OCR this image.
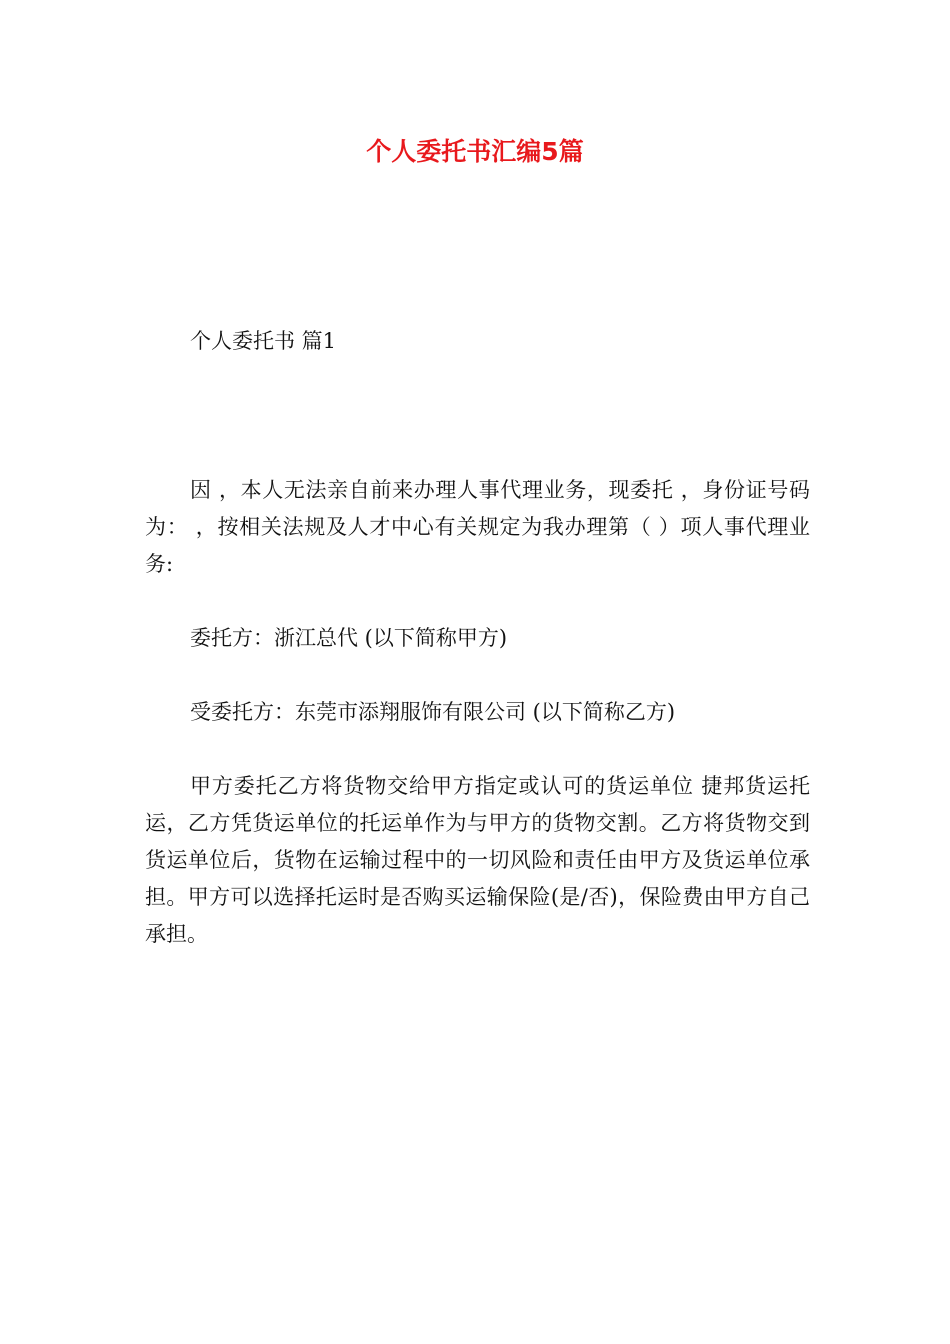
个人委托书汇编5篇
个人委托书 篇1

因 ，本人无法亲自前来办理人事代理业务，现委托 ，身份证号码为： ，按相关法规及人才中心有关规定为我办理第（ ）项人事代理业务:

委托方：浙江总代 (以下简称甲方)

受委托方：东莞市添翔服饰有限公司 (以下简称乙方)

甲方委托乙方将货物交给甲方指定或认可的货运单位 捷邦货运托运，乙方凭货运单位的托运单作为与甲方的货物交割。乙方将货物交到货运单位后，货物在运输过程中的一切风险和责任由甲方及货运单位承担。甲方可以选择托运时是否购买运输保险(是/否)，保险费由甲方自己承担。
